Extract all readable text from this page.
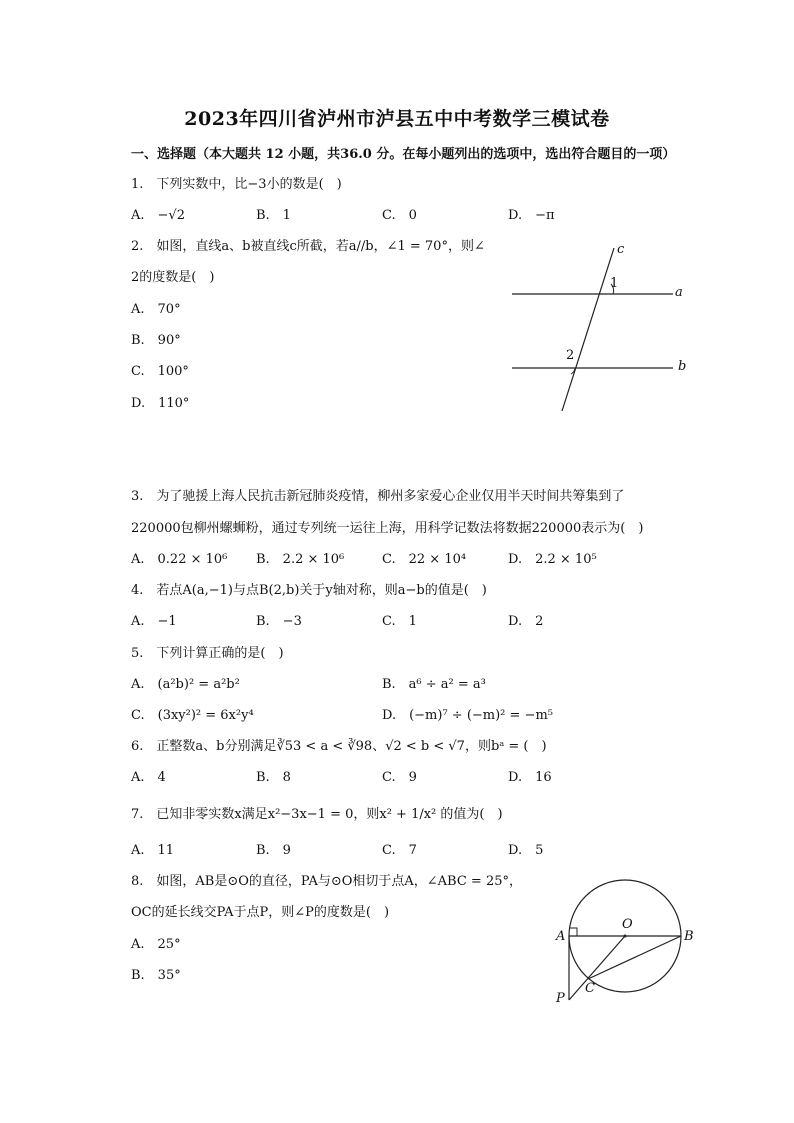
2023年四川省泸州市泸县五中中考数学三模试卷
一、选择题（本大题共 12 小题，共36.0 分。在每小题列出的选项中，选出符合题目的一项）
1.　下列实数中，比−3小的数是(　)
A.　−√2	B.　1	C.　0	D.　−π
2.　如图，直线a、b被直线c所截，若a//b，∠1 = 70°，则∠
2的度数是(　)
A.　70°
B.　90°
C.　100°
D.　110°
c
1
a
2
b
3.　为了驰援上海人民抗击新冠肺炎疫情，柳州多家爱心企业仅用半天时间共筹集到了
220000包柳州螺蛳粉，通过专列统一运往上海，用科学记数法将数据220000表示为(　)
A.　0.22 × 10⁶ B.　2.2 × 10⁶	C.　22 × 10⁴	D.　2.2 × 10⁵
4.　若点A(a,−1)与点B(2,b)关于y轴对称，则a−b的值是(　)
A.　−1	B.　−3	C.　1	D.　2
5.　下列计算正确的是(　)
A.　(a²b)² = a²b²	B.　a⁶ ÷ a² = a³
C.　(3xy²)² = 6x²y⁴	D.　(−m)⁷ ÷ (−m)² = −m⁵
6.　正整数a、b分别满足∛53 < a < ∛98、√2 < b < √7，则bᵃ = (　)
A.　4	B.　8	C.　9	D.　16
7.　已知非零实数x满足x²−3x−1 = 0，则x² + 1/x² 的值为(　)
A.　11	B.　9	C.　7	D.　5
8.　如图，AB是⊙O的直径，PA与⊙O相切于点A，∠ABC = 25°，
OC的延长线交PA于点P，则∠P的度数是(　)
A.　25°
B.　35°
O
A	B
P
C
